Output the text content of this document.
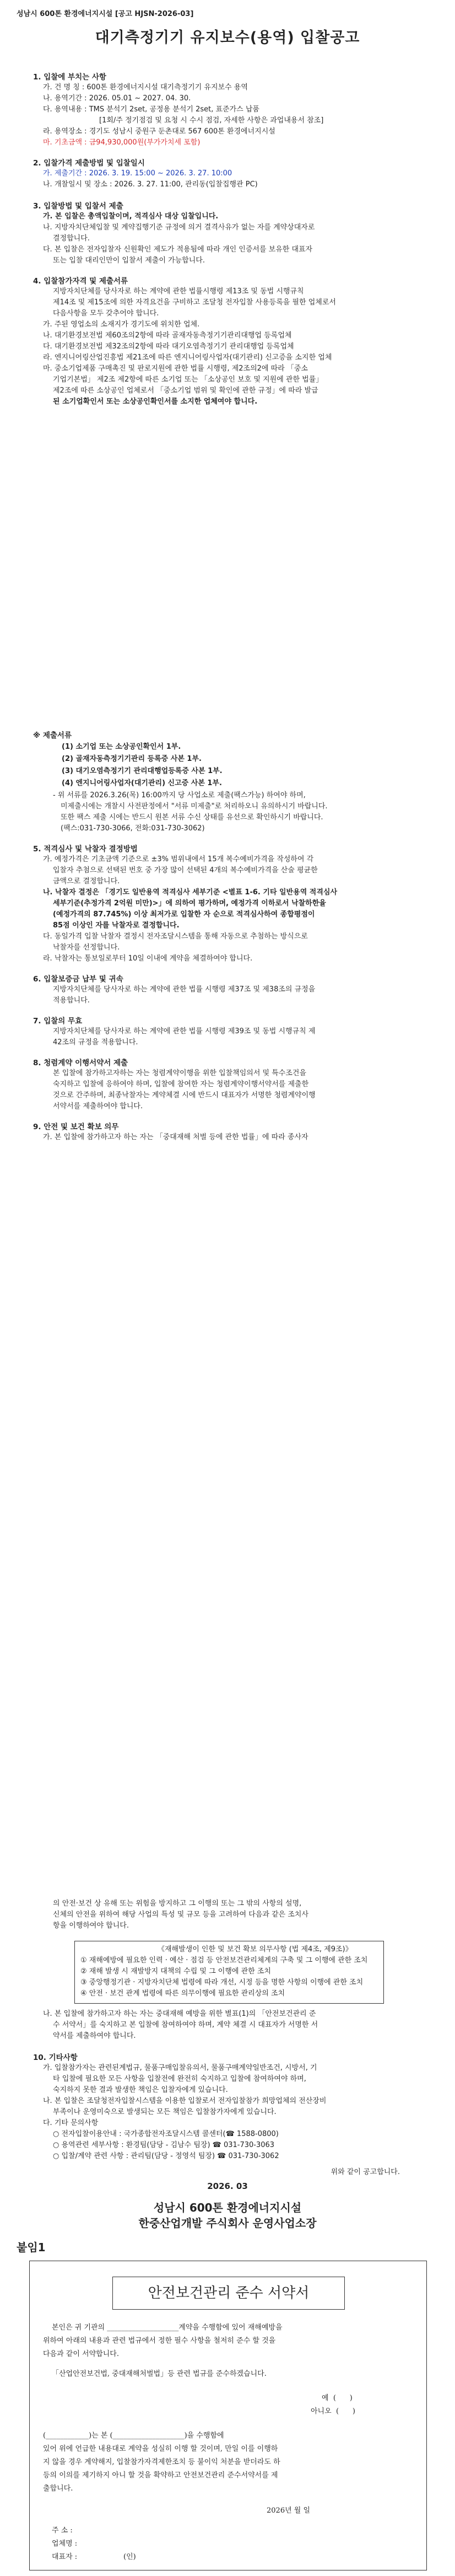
성남시 600톤 환경에너지시설 [공고 HJSN-2026-03]
대기측정기기 유지보수(용역) 입찰공고
1. 입찰에 부치는 사항
가. 건 명 칭 : 600톤 환경에너지시설 대기측정기기 유지보수 용역
나. 용역기간 : 2026. 05.01 ~ 2027. 04. 30.
다. 용역내용 : TMS 분석기 2set, 공정용 분석기 2set, 표준가스 납품
[1회/주 정기점검 및 요청 시 수시 점검, 자세한 사항은 과업내용서 참조]
라. 용역장소 : 경기도 성남시 중원구 둔촌대로 567 600톤 환경에너지시설
마. 기초금액 : 금94,930,000원(부가가치세 포함)
2. 입찰가격 제출방법 및 입찰일시
가. 제출기간 : 2026. 3. 19. 15:00 ~ 2026. 3. 27. 10:00
나. 개찰일시 및 장소 : 2026. 3. 27. 11:00, 관리동(입찰집행관 PC)
3. 입찰방법 및 입찰서 제출
가. 본 입찰은 총액입찰이며, 적격심사 대상 입찰입니다.
나. 지방자치단체입찰 및 계약집행기준 규정에 의거 결격사유가 없는 자를 계약상대자로
결정합니다.
다. 본 입찰은 전자입찰자 신원확인 제도가 적용됨에 따라 개인 인증서를 보유한 대표자
또는 입찰 대리인만이 입찰서 제출이 가능합니다.
4. 입찰참가자격 및 제출서류
지방자치단체를 당사자로 하는 계약에 관한 법률시행령 제13조 및 동법 시행규칙
제14조 및 제15조에 의한 자격요건을 구비하고 조달청 전자입찰 사용등록을 필한 업체로서
다음사항을 모두 갖추어야 합니다.
가. 주된 영업소의 소재지가 경기도에 위치한 업체.
나. 대기환경보전법 제60조의2항에 따라 골재자동측정기기관리대행업 등록업체
다. 대기환경보전법 제32조의2항에 따라 대기오염측정기기 관리대행업 등록업체
라. 엔지니어링산업진흥법 제21조에 따른 엔지니어링사업자(대기관리) 신고증을 소지한 업체
마. 중소기업제품 구매촉진 및 판로지원에 관한 법률 시행령, 제2조의2에 따라 「중소
기업기본법」 제2조 제2항에 따른 소기업 또는 「소상공인 보호 및 지원에 관한 법률」
제2조에 따른 소상공인 업체로서 「중소기업 범위 및 확인에 관한 규정」에 따라 발급
된 소기업확인서 또는 소상공인확인서를 소지한 업체여야 합니다.
※ 제출서류
(1) 소기업 또는 소상공인확인서 1부.
(2) 골재자동측정기기관리 등록증 사본 1부.
(3) 대기오염측정기기 관리대행업등록증 사본 1부.
(4) 엔지니어링사업자(대기관리) 신고증 사본 1부.
- 위 서류를 2026.3.26(목) 16:00까지 당 사업소로 제출(팩스가능) 하여야 하며,
미제출시에는 개찰시 사전판정에서 "서류 미제출"로 처리하오니 유의하시기 바랍니다.
또한 팩스 제출 시에는 반드시 원본 서류 수신 상태를 유선으로 확인하시기 바랍니다.
(팩스:031-730-3066, 전화:031-730-3062)
5. 적격심사 및 낙찰자 결정방법
가. 예정가격은 기초금액 기준으로 ±3% 범위내에서 15개 복수예비가격을 작성하여 각
입찰자 추첨으로 선택된 번호 중 가장 많이 선택된 4개의 복수예비가격을 산술 평균한
금액으로 결정합니다.
나. 낙찰자 결정은 「경기도 일반용역 적격심사 세부기준 <별표 1-6. 기타 일반용역 적격심사
세부기준(추정가격 2억원 미만)>」에 의하여 평가하며, 예정가격 이하로서 낙찰하한율
(예정가격의 87.745%) 이상 최저가로 입찰한 자 순으로 적격심사하여 종합평점이
85점 이상인 자를 낙찰자로 결정합니다.
다. 동일가격 입찰 낙찰자 결정시 전자조달시스템을 통해 자동으로 추첨하는 방식으로
낙찰자를 선정합니다.
라. 낙찰자는 통보일로부터 10일 이내에 계약을 체결하여야 합니다.
6. 입찰보증금 납부 및 귀속
지방자치단체를 당사자로 하는 계약에 관한 법률 시행령 제37조 및 제38조의 규정을
적용합니다.
7. 입찰의 무효
지방자치단체를 당사자로 하는 계약에 관한 법률 시행령 제39조 및 동법 시행규칙 제
42조의 규정을 적용합니다.
8. 청렴계약 이행서약서 제출
본 입찰에 참가하고자하는 자는 청렴계약이행을 위한 입찰책임의서 및 특수조건을
숙지하고 입찰에 응하여야 하며, 입찰에 참여한 자는 청렴계약이행서약서를 제출한
것으로 간주하며, 최종낙찰자는 계약체결 시에 반드시 대표자가 서명한 청렴계약이행
서약서를 제출하여야 합니다.
9. 안전 및 보건 확보 의무
가. 본 입찰에 참가하고자 하는 자는 「중대재해 처벌 등에 관한 법률」에 따라 종사자
의 안전·보건 상 유해 또는 위험을 방지하고 그 이행의 또는 그 밖의 사항의 설명,
신체의 안전을 위하여 해당 사업의 특성 및 규모 등을 고려하여 다음과 같은 조치사
항을 이행하여야 합니다.
《재해발생이 인한 및 보건 확보 의무사항 (법 제4조, 제9조)》
① 재해예방에 필요한 인력 · 예산 · 점검 등 안전보건관리체계의 구축 및 그 이행에 관한 조치
② 재해 발생 시 재발방지 대책의 수립 및 그 이행에 관한 조치
③ 중앙행정기관 · 지방자치단체 법령에 따라 개선, 시정 등을 명한 사항의 이행에 관한 조치
④ 안전 · 보건 관계 법령에 따른 의무이행에 필요한 관리상의 조치
나. 본 입찰에 참가하고자 하는 자는 중대재해 예방을 위한 별표(1)의 「안전보건관리 준
수 서약서」를 숙지하고 본 입찰에 참여하여야 하며, 계약 체결 시 대표자가 서명한 서
약서를 제출하여야 합니다.
10. 기타사항
가. 입찰참가자는 관련된계법규, 물품구매입찰유의서, 물품구매계약일반조건, 시방서, 기
타 입찰에 필요한 모든 사항을 입찰전에 완전히 숙지하고 입찰에 참여하여야 하며,
숙지하지 못한 결과 발생한 책임은 입찰자에게 있습니다.
나. 본 입찰은 조달청전자입찰시스템을 이용한 입찰로서 전자입찰참가 희망업체의 전산장비
부족이나 운영미숙으로 발생되는 모든 책임은 입찰참가자에게 있습니다.
다. 기타 문의사항
○ 전자입찰이용안내 : 국가종합전자조달시스템 콜센터(☎ 1588-0800)
○ 용역관련 세부사항 : 환경팀(담당 - 김남수 팀장) ☎ 031-730-3063
○ 입찰/계약 관련 사항 : 관리팀(담당 - 정영석 팀장) ☎ 031-730-3062
위와 같이 공고합니다.
2026. 03
성남시 600톤 환경에너지시설
한중산업개발 주식회사 운영사업소장
붙임1
안전보건관리 준수 서약서
본인은 귀 기관의 ____________________계약을 수행함에 있어 재해예방을
위하여 아래의 내용과 관련 법규에서 정한 필수 사항을 철저히 준수 할 것을
다음과 같이 서약합니다.
「산업안전보건법, 중대재해처벌법」등 관련 법규를 준수하겠습니다.
예  (      )
아니오  (      )
(____________)는 본 (____________________)을 수행함에
있어 위에 언급한 내용대로 계약을 성실히 이행 할 것이며, 만일 이를 이행하
지 않을 경우 계약해지, 입찰참가자격제한조치 등 불이익 처분을 받더라도 하
등의 이의를 제기하지 아니 할 것을 확약하고 안전보건관리 준수서약서를 제
출합니다.
2026년 월 일
주 소 :
업체명 :
대표자 :	(인)
